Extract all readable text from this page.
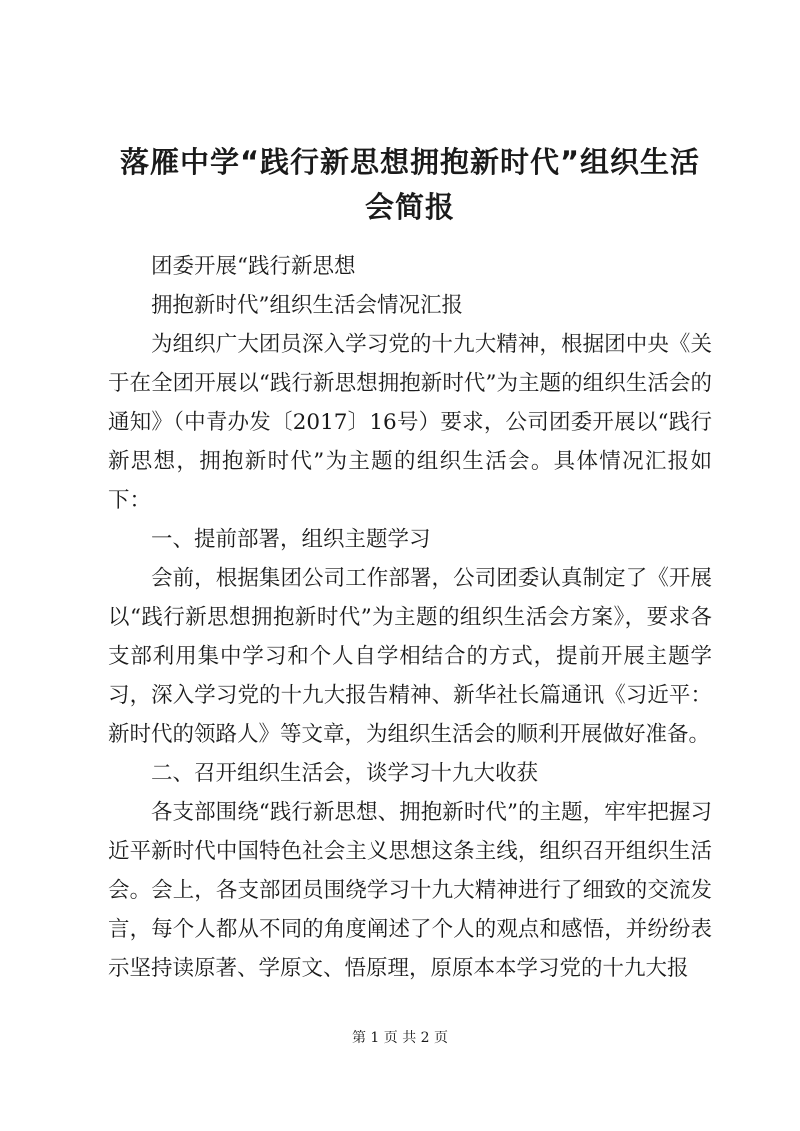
落雁中学“践行新思想拥抱新时代”组织生活
会简报

团委开展“践行新思想

拥抱新时代”组织生活会情况汇报

为组织广大团员深入学习党的十九大精神，根据团中央《关于在全团开展以“践行新思想拥抱新时代”为主题的组织生活会的通知》（中青办发〔2017〕16号）要求，公司团委开展以“践行新思想，拥抱新时代”为主题的组织生活会。具体情况汇报如下：

一、提前部署，组织主题学习

会前，根据集团公司工作部署，公司团委认真制定了《开展以“践行新思想拥抱新时代”为主题的组织生活会方案》，要求各支部利用集中学习和个人自学相结合的方式，提前开展主题学习，深入学习党的十九大报告精神、新华社长篇通讯《习近平：新时代的领路人》等文章，为组织生活会的顺利开展做好准备。

二、召开组织生活会，谈学习十九大收获

各支部围绕“践行新思想、拥抱新时代”的主题，牢牢把握习近平新时代中国特色社会主义思想这条主线，组织召开组织生活会。会上，各支部团员围绕学习十九大精神进行了细致的交流发言，每个人都从不同的角度阐述了个人的观点和感悟，并纷纷表示坚持读原著、学原文、悟原理，原原本本学习党的十九大报

第 1 页 共 2 页
